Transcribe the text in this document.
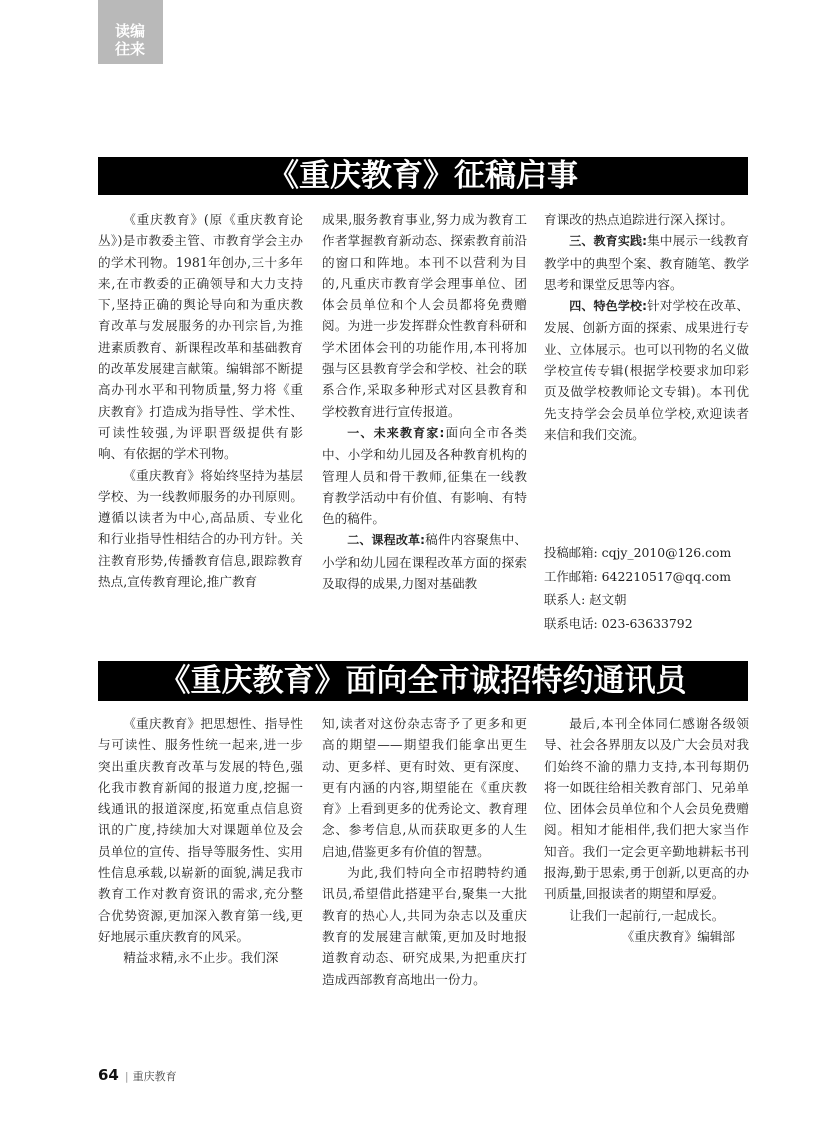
读编
往来
《重庆教育》征稿启事

《重庆教育》(原《重庆教育论丛》)是市教委主管、市教育学会主办的学术刊物。1981年创办,三十多年来,在市教委的正确领导和大力支持下,坚持正确的舆论导向和为重庆教育改革与发展服务的办刊宗旨,为推进素质教育、新课程改革和基础教育的改革发展建言献策。编辑部不断提高办刊水平和刊物质量,努力将《重庆教育》打造成为指导性、学术性、可读性较强,为评职晋级提供有影响、有依据的学术刊物。

《重庆教育》将始终坚持为基层学校、为一线教师服务的办刊原则。遵循以读者为中心,高品质、专业化和行业指导性相结合的办刊方针。关注教育形势,传播教育信息,跟踪教育热点,宣传教育理论,推广教育

成果,服务教育事业,努力成为教育工作者掌握教育新动态、探索教育前沿的窗口和阵地。本刊不以营利为目的,凡重庆市教育学会理事单位、团体会员单位和个人会员都将免费赠阅。为进一步发挥群众性教育科研和学术团体会刊的功能作用,本刊将加强与区县教育学会和学校、社会的联系合作,采取多种形式对区县教育和学校教育进行宣传报道。

一、未来教育家:面向全市各类中、小学和幼儿园及各种教育机构的管理人员和骨干教师,征集在一线教育教学活动中有价值、有影响、有特色的稿件。

二、课程改革:稿件内容聚焦中、小学和幼儿园在课程改革方面的探索及取得的成果,力图对基础教

育课改的热点追踪进行深入探讨。

三、教育实践:集中展示一线教育教学中的典型个案、教育随笔、教学思考和课堂反思等内容。

四、特色学校:针对学校在改革、发展、创新方面的探索、成果进行专业、立体展示。也可以刊物的名义做学校宣传专辑(根据学校要求加印彩页及做学校教师论文专辑)。本刊优先支持学会会员单位学校,欢迎读者来信和我们交流。

投稿邮箱: cqjy_2010@126.com
工作邮箱: 642210517@qq.com
联系人: 赵文朝
联系电话: 023-63633792
《重庆教育》面向全市诚招特约通讯员

《重庆教育》把思想性、指导性与可读性、服务性统一起来,进一步突出重庆教育改革与发展的特色,强化我市教育新闻的报道力度,挖掘一线通讯的报道深度,拓宽重点信息资讯的广度,持续加大对课题单位及会员单位的宣传、指导等服务性、实用性信息承载,以崭新的面貌,满足我市教育工作对教育资讯的需求,充分整合优势资源,更加深入教育第一线,更好地展示重庆教育的风采。

精益求精,永不止步。我们深

知,读者对这份杂志寄予了更多和更高的期望——期望我们能拿出更生动、更多样、更有时效、更有深度、更有内涵的内容,期望能在《重庆教育》上看到更多的优秀论文、教育理念、参考信息,从而获取更多的人生启迪,借鉴更多有价值的智慧。

为此,我们特向全市招聘特约通讯员,希望借此搭建平台,聚集一大批教育的热心人,共同为杂志以及重庆教育的发展建言献策,更加及时地报道教育动态、研究成果,为把重庆打造成西部教育高地出一份力。

最后,本刊全体同仁感谢各级领导、社会各界朋友以及广大会员对我们始终不渝的鼎力支持,本刊每期仍将一如既往给相关教育部门、兄弟单位、团体会员单位和个人会员免费赠阅。相知才能相伴,我们把大家当作知音。我们一定会更辛勤地耕耘书刊报海,勤于思索,勇于创新,以更高的办刊质量,回报读者的期望和厚爱。

让我们一起前行,一起成长。

《重庆教育》编辑部

64 | 重庆教育
